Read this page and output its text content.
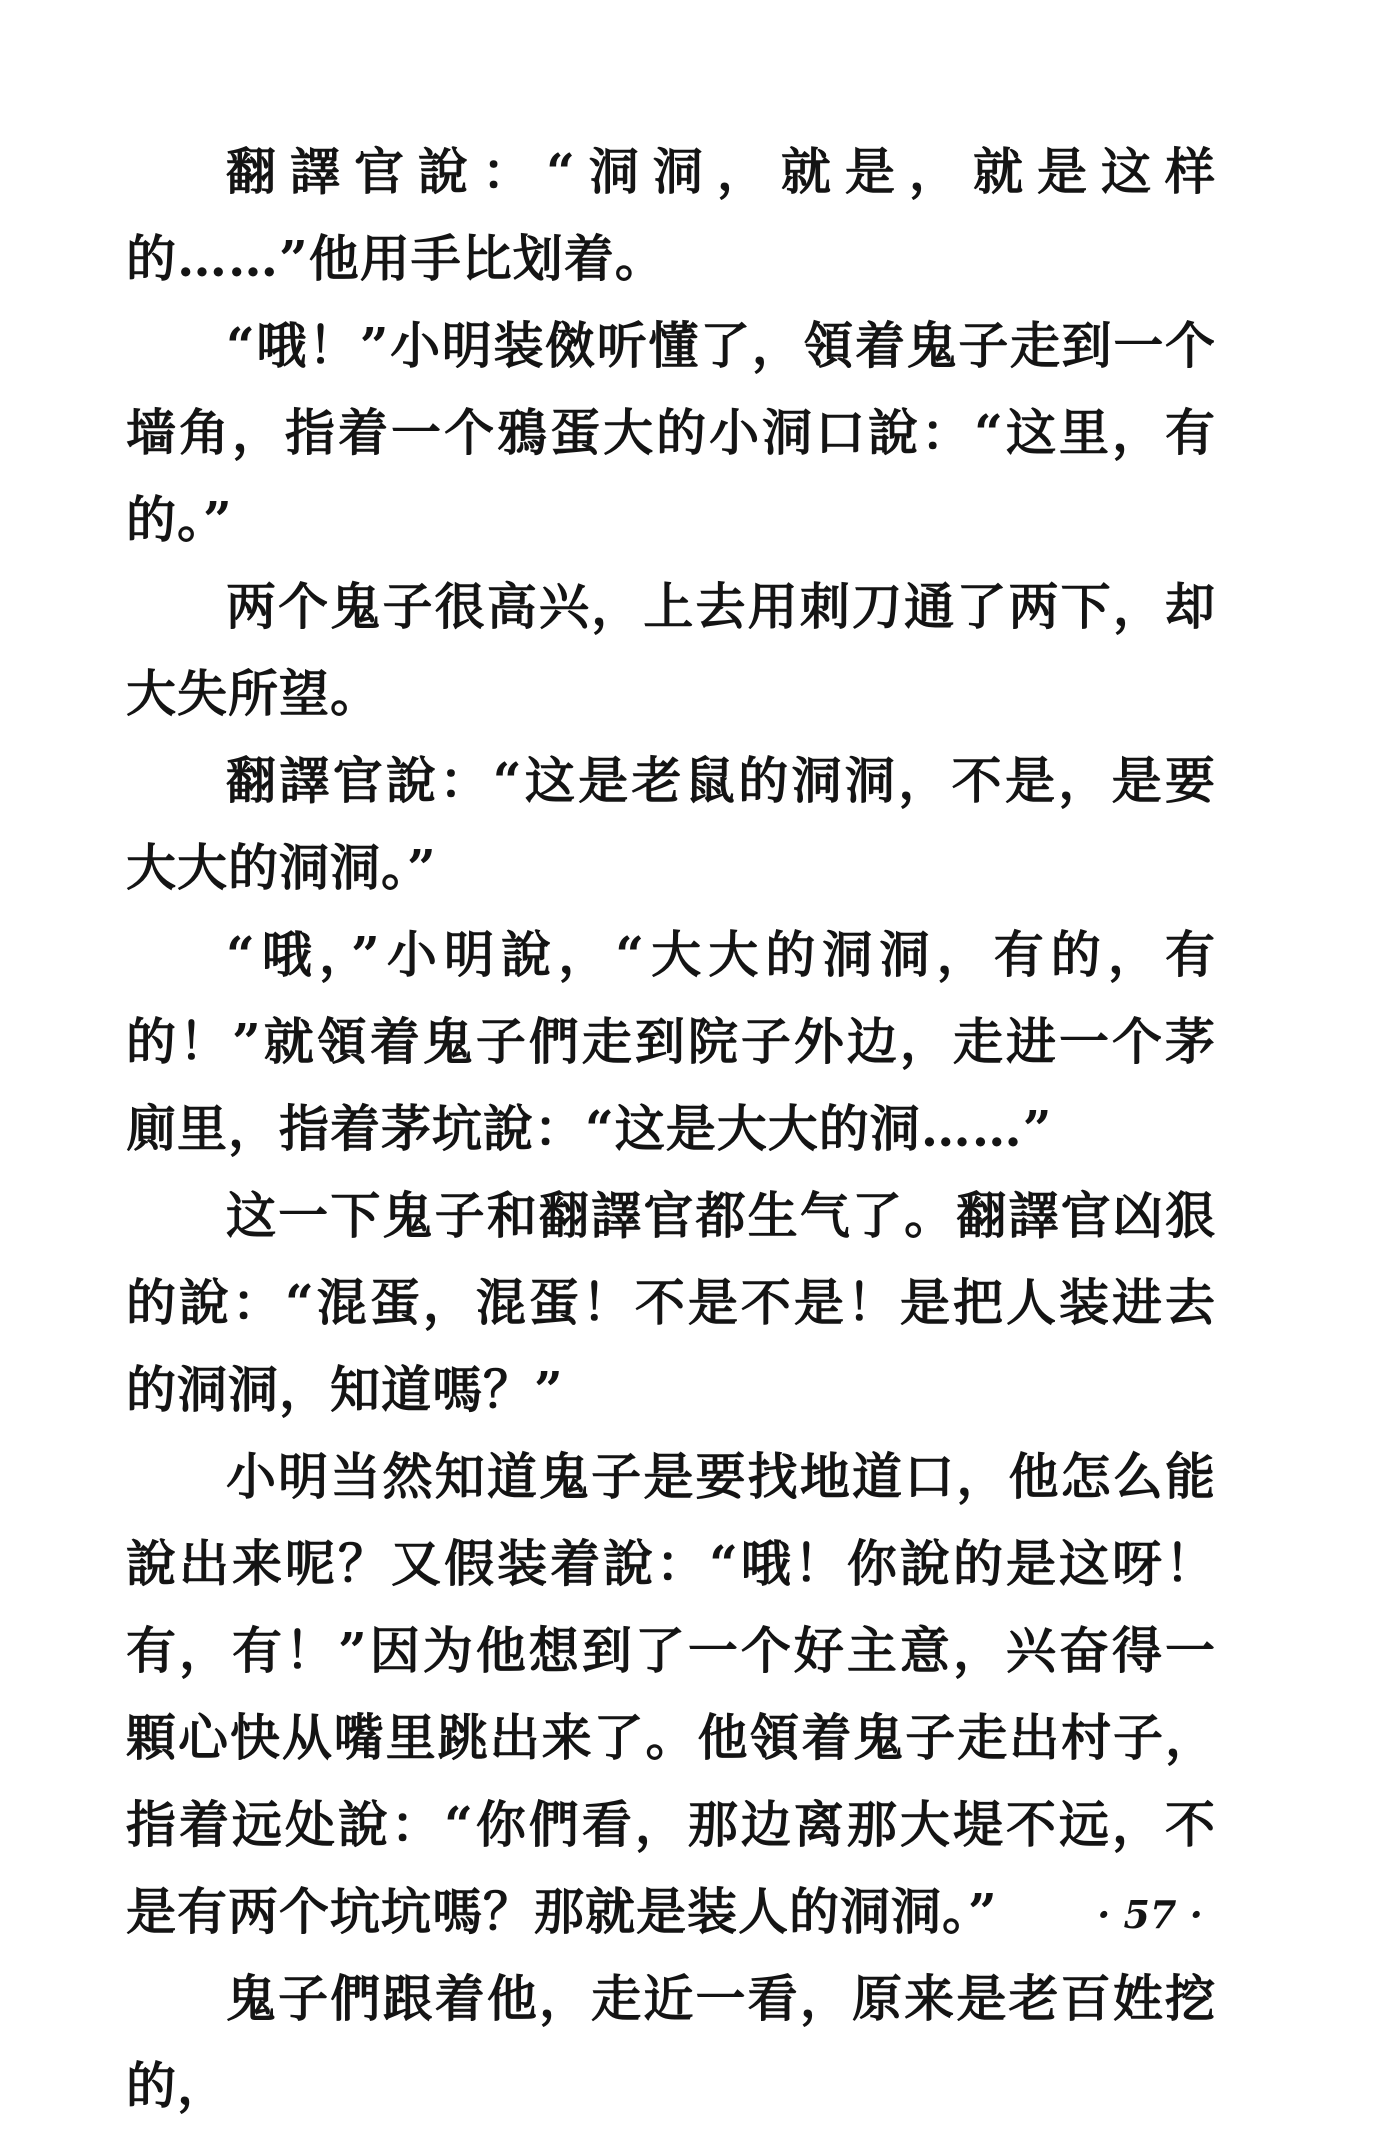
翻譯官說：“洞洞，就是，就是这样的……”他用手比划着。

“哦！”小明装傚听懂了，領着鬼子走到一个墙角，指着一个鴉蛋大的小洞口說：“这里，有的。”

两个鬼子很高兴，上去用刺刀通了两下，却大失所望。

翻譯官說：“这是老鼠的洞洞，不是，是要大大的洞洞。”

“哦，”小明說，“大大的洞洞，有的，有的！”就領着鬼子們走到院子外边，走进一个茅廁里，指着茅坑說：“这是大大的洞……”

这一下鬼子和翻譯官都生气了。翻譯官凶狠的說：“混蛋，混蛋！不是不是！是把人装进去的洞洞，知道嗎？”

小明当然知道鬼子是要找地道口，他怎么能說出来呢？又假装着說：“哦！你說的是这呀！有，有！”因为他想到了一个好主意，兴奋得一顆心快从嘴里跳出来了。他領着鬼子走出村子，指着远处說：“你們看，那边离那大堤不远，不是有两个坑坑嗎？那就是装人的洞洞。”

鬼子們跟着他，走近一看，原来是老百姓挖的，

· 57 ·
